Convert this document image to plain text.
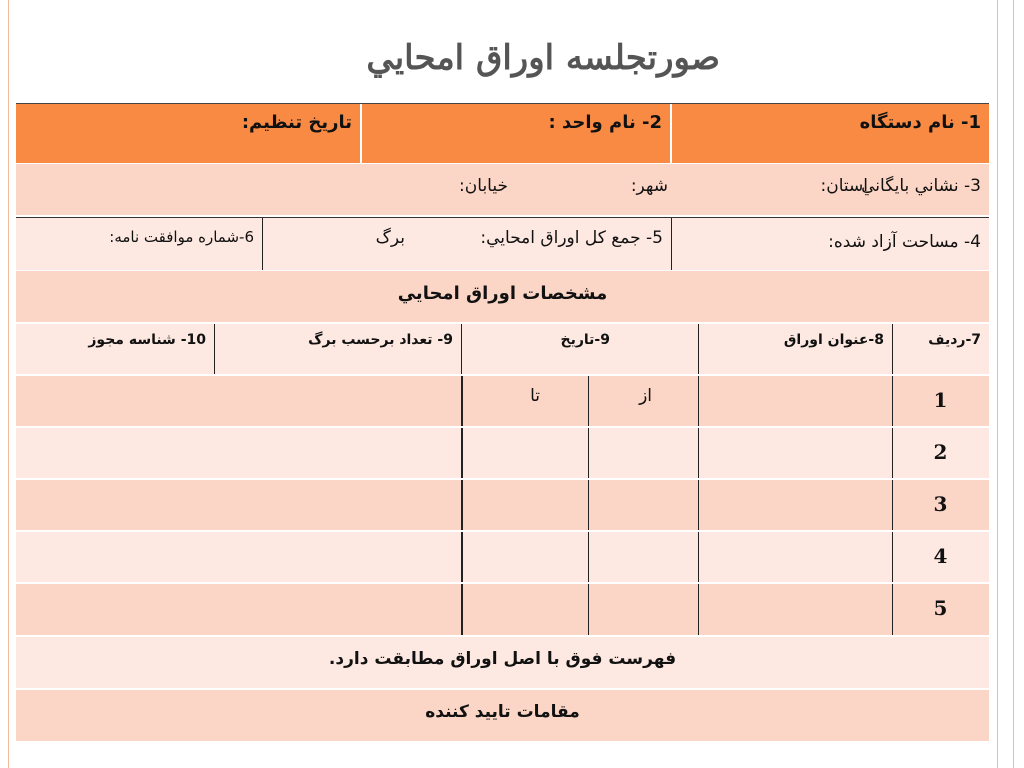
صورتجلسه اوراق امحايي
1- نام دستگاه
2- نام واحد :
تاريخ تنظيم:
3- نشاني بايگاني
استان:
شهر:
خيابان:
4- مساحت آزاد شده:
5- جمع كل اوراق امحايي: برگ
6-شماره موافقت نامه:
مشخصات اوراق امحايي
7-رديف
8-عنوان اوراق
9-تاريخ
9- تعداد برحسب برگ
10- شناسه مجوز
1
از
تا
2
3
4
5
فهرست فوق با اصل اوراق مطابقت دارد.
مقامات تاييد كننده
